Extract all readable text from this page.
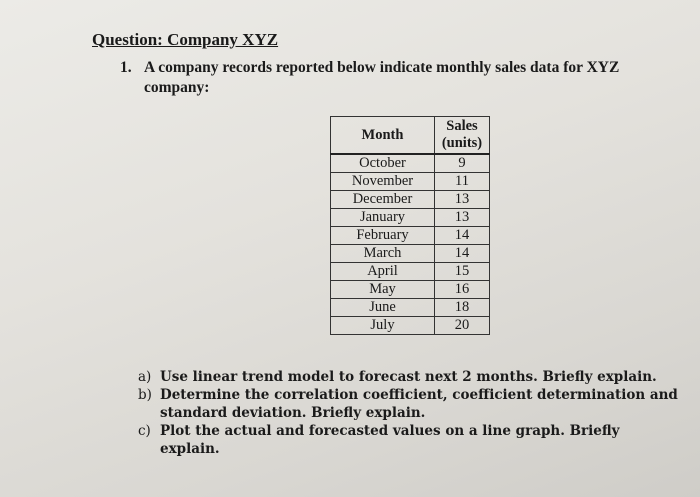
Question: Company XYZ
1. A company records reported below indicate monthly sales data for XYZ company:
Month	Sales (units)
October	9
November	11
December	13
January	13
February	14
March	14
April	15
May	16
June	18
July	20

a) Use linear trend model to forecast next 2 months. Briefly explain.

b) Determine the correlation coefficient, coefficient determination and standard deviation. Briefly explain.

c) Plot the actual and forecasted values on a line graph. Briefly explain.
